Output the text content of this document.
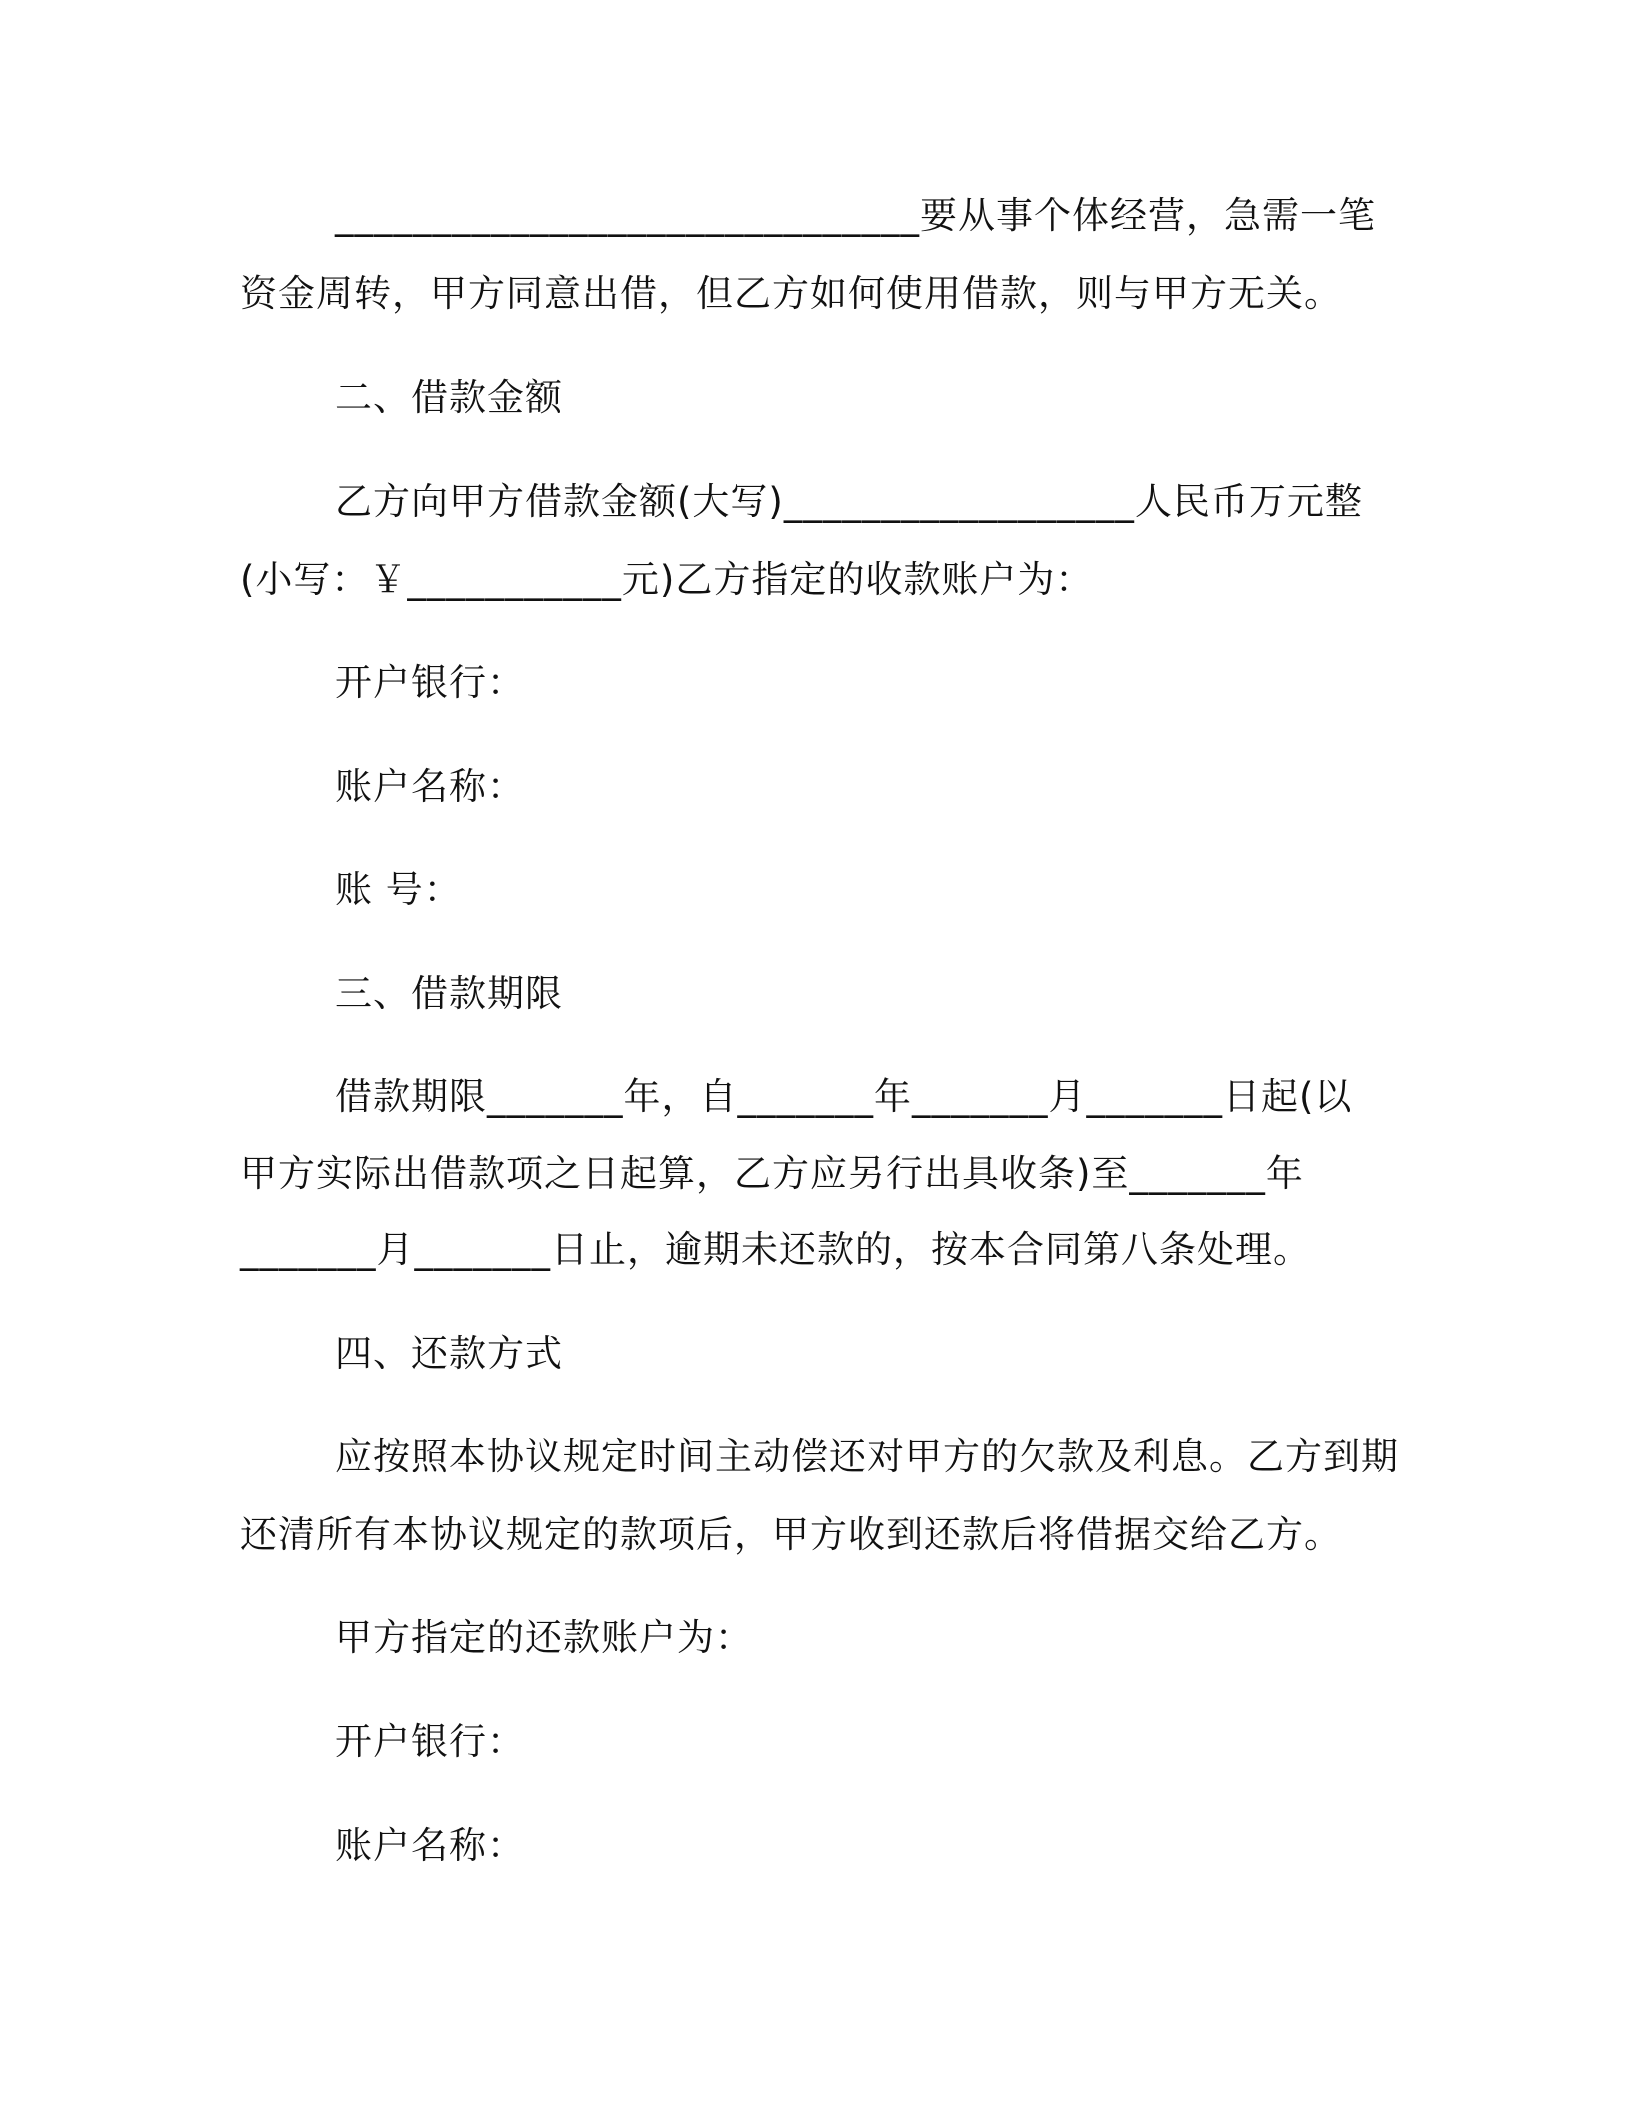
______________________________要从事个体经营，急需一笔
资金周转，甲方同意出借，但乙方如何使用借款，则与甲方无关。
二、借款金额
乙方向甲方借款金额(大写)__________________人民币万元整
(小写：￥___________元)乙方指定的收款账户为：
开户银行：
账户名称：
账 号：
三、借款期限
借款期限_______年，自_______年_______月_______日起(以
甲方实际出借款项之日起算，乙方应另行出具收条)至_______年
_______月_______日止，逾期未还款的，按本合同第八条处理。
四、还款方式
应按照本协议规定时间主动偿还对甲方的欠款及利息。乙方到期
还清所有本协议规定的款项后，甲方收到还款后将借据交给乙方。
甲方指定的还款账户为：
开户银行：
账户名称：
